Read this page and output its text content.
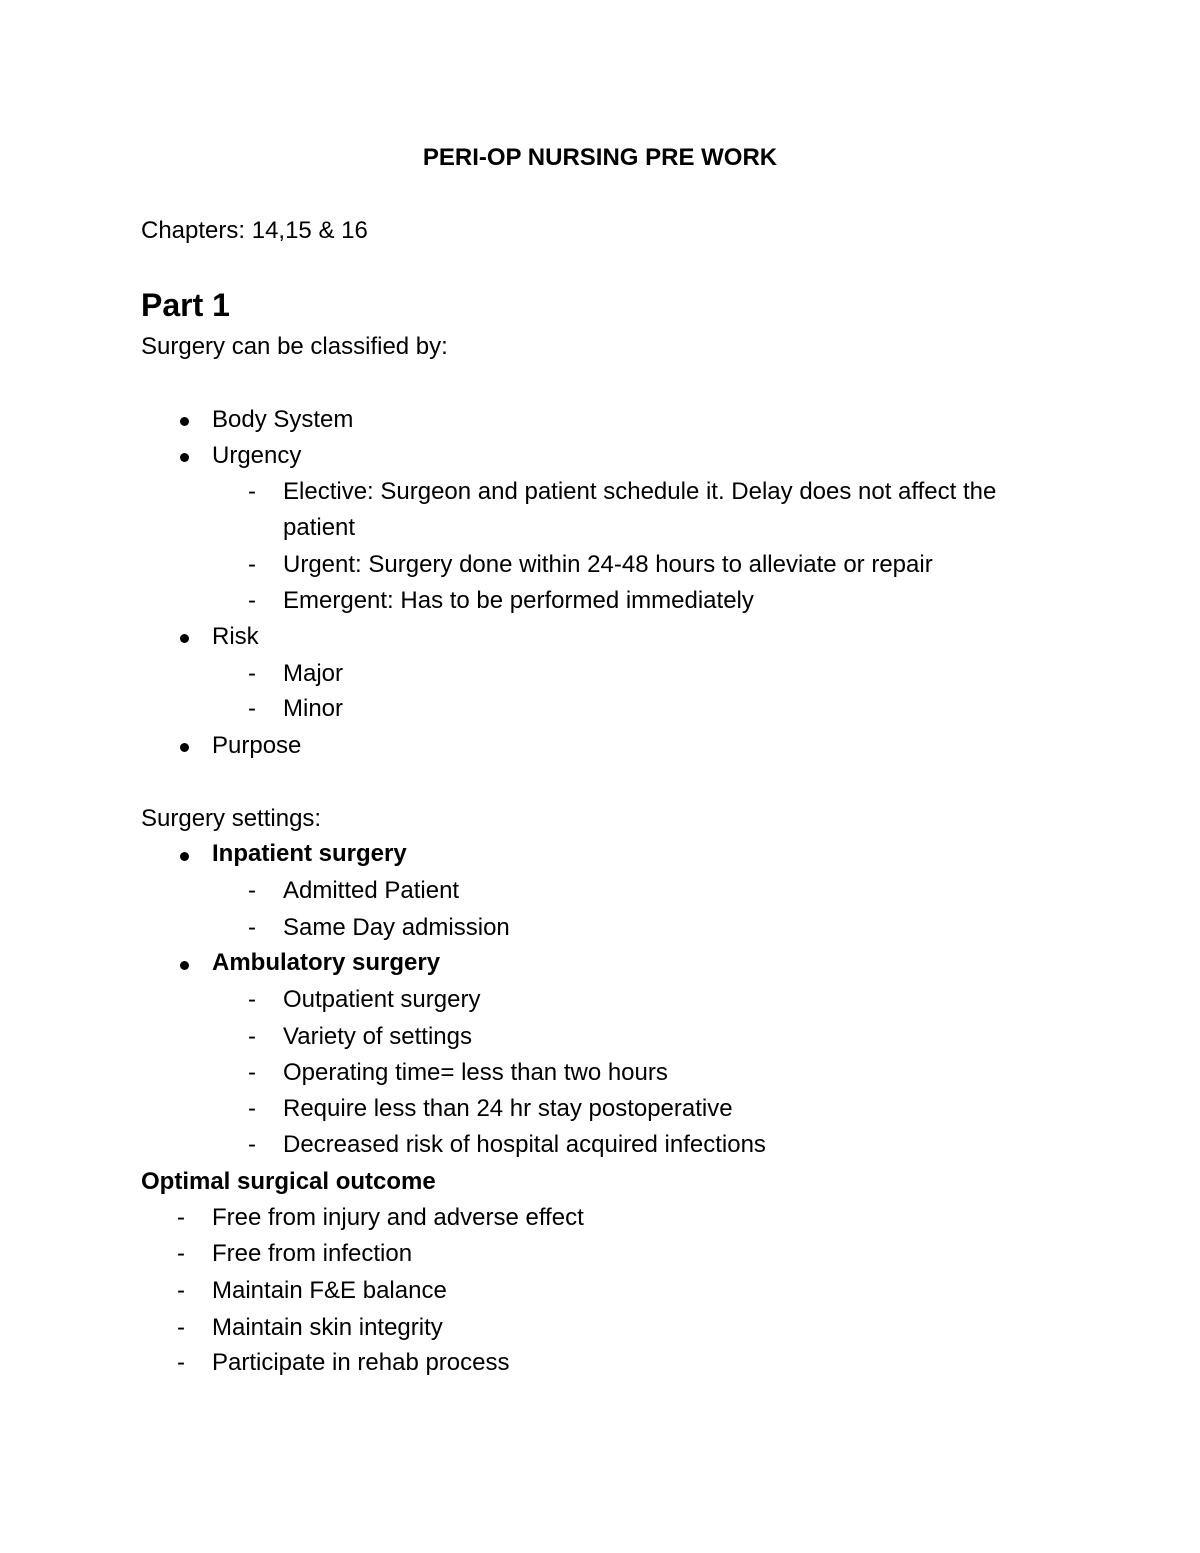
PERI-OP NURSING PRE WORK
Chapters: 14,15 & 16
Part 1
Surgery can be classified by:
Body System
Urgency
- Elective: Surgeon and patient schedule it. Delay does not affect the patient
- Urgent: Surgery done within 24-48 hours to alleviate or repair
- Emergent: Has to be performed immediately
Risk
- Major
- Minor
Purpose
Surgery settings:
Inpatient surgery
- Admitted Patient
- Same Day admission
Ambulatory surgery
- Outpatient surgery
- Variety of settings
- Operating time= less than two hours
- Require less than 24 hr stay postoperative
- Decreased risk of hospital acquired infections
Optimal surgical outcome
- Free from injury and adverse effect
- Free from infection
- Maintain F&E balance
- Maintain skin integrity
- Participate in rehab process
